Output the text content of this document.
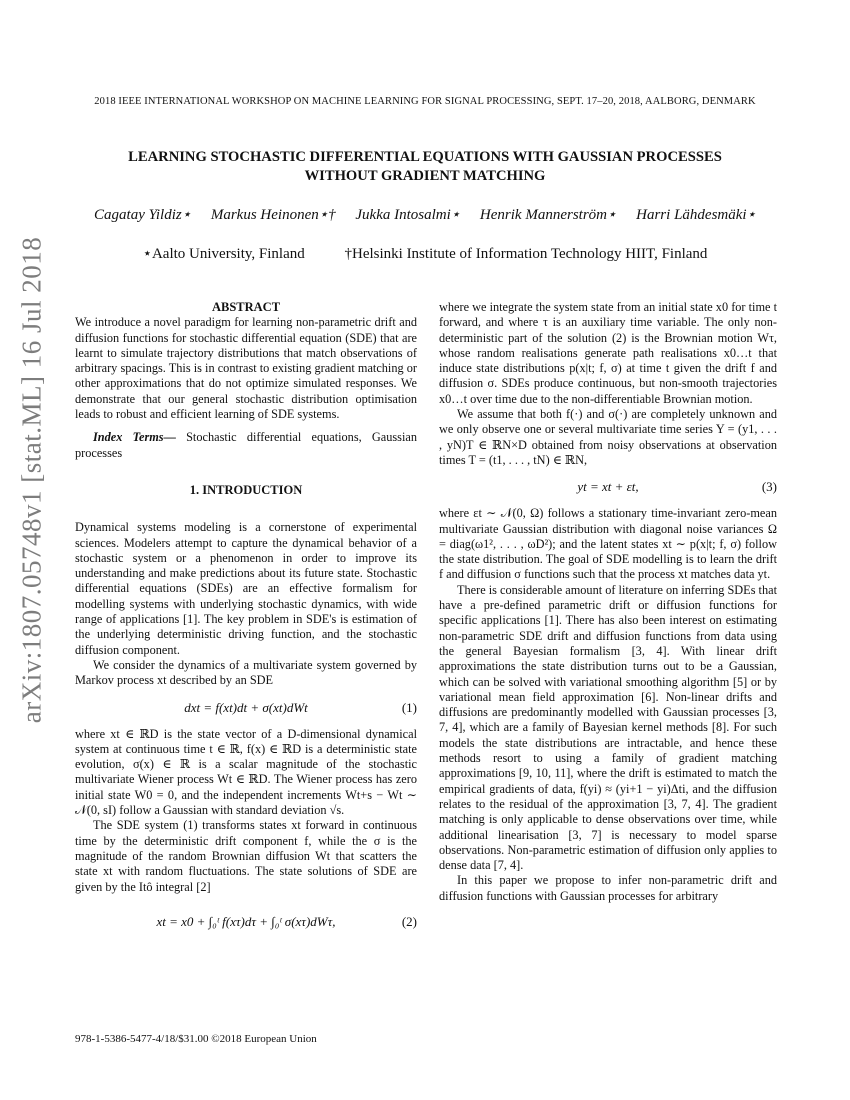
arXiv:1807.05748v1 [stat.ML] 16 Jul 2018
2018 IEEE INTERNATIONAL WORKSHOP ON MACHINE LEARNING FOR SIGNAL PROCESSING, SEPT. 17–20, 2018, AALBORG, DENMARK
LEARNING STOCHASTIC DIFFERENTIAL EQUATIONS WITH GAUSSIAN PROCESSES
WITHOUT GRADIENT MATCHING
Cagatay Yildiz⋆ Markus Heinonen⋆† Jukka Intosalmi⋆ Henrik Mannerström⋆ Harri Lähdesmäki⋆
⋆Aalto University, Finland	†Helsinki Institute of Information Technology HIIT, Finland

ABSTRACT

We introduce a novel paradigm for learning non-parametric drift and diffusion functions for stochastic differential equation (SDE) that are learnt to simulate trajectory distributions that match observations of arbitrary spacings. This is in contrast to existing gradient matching or other approximations that do not optimize simulated responses. We demonstrate that our general stochastic distribution optimisation leads to robust and efficient learning of SDE systems.

Index Terms— Stochastic differential equations, Gaussian processes

1. INTRODUCTION

Dynamical systems modeling is a cornerstone of experimental sciences. Modelers attempt to capture the dynamical behavior of a stochastic system or a phenomenon in order to improve its understanding and make predictions about its future state. Stochastic differential equations (SDEs) are an effective formalism for modelling systems with underlying stochastic dynamics, with wide range of applications [1]. The key problem in SDE's is estimation of the underlying deterministic driving function, and the stochastic diffusion component.

We consider the dynamics of a multivariate system governed by Markov process xt described by an SDE

dxt = f(xt)dt + σ(xt)dWt	(1)

where xt ∈ ℝD is the state vector of a D-dimensional dynamical system at continuous time t ∈ ℝ, f(x) ∈ ℝD is a deterministic state evolution, σ(x) ∈ ℝ is a scalar magnitude of the stochastic multivariate Wiener process Wt ∈ ℝD. The Wiener process has zero initial state W0 = 0, and the independent increments Wt+s − Wt ∼ 𝒩(0, sI) follow a Gaussian with standard deviation √s.

The SDE system (1) transforms states xt forward in continuous time by the deterministic drift component f, while the σ is the magnitude of the random Brownian diffusion Wt that scatters the state xt with random fluctuations. The state solutions of SDE are given by the Itô integral [2]

xt = x0 + ∫₀ᵗ f(xτ)dτ + ∫₀ᵗ σ(xτ)dWτ,	(2)

where we integrate the system state from an initial state x0 for time t forward, and where τ is an auxiliary time variable. The only non-deterministic part of the solution (2) is the Brownian motion Wτ, whose random realisations generate path realisations x0…t that induce state distributions p(x|t; f, σ) at time t given the drift f and diffusion σ. SDEs produce continuous, but non-smooth trajectories x0…t over time due to the non-differentiable Brownian motion.

We assume that both f(·) and σ(·) are completely unknown and we only observe one or several multivariate time series Y = (y1, . . . , yN)T ∈ ℝN×D obtained from noisy observations at observation times T = (t1, . . . , tN) ∈ ℝN,

yt = xt + εt,	(3)

where εt ∼ 𝒩(0, Ω) follows a stationary time-invariant zero-mean multivariate Gaussian distribution with diagonal noise variances Ω = diag(ω1², . . . , ωD²); and the latent states xt ∼ p(x|t; f, σ) follow the state distribution. The goal of SDE modelling is to learn the drift f and diffusion σ functions such that the process xt matches data yt.

There is considerable amount of literature on inferring SDEs that have a pre-defined parametric drift or diffusion functions for specific applications [1]. There has also been interest on estimating non-parametric SDE drift and diffusion functions from data using the general Bayesian formalism [3, 4]. With linear drift approximations the state distribution turns out to be a Gaussian, which can be solved with variational smoothing algorithm [5] or by variational mean field approximation [6]. Non-linear drifts and diffusions are predominantly modelled with Gaussian processes [3, 7, 4], which are a family of Bayesian kernel methods [8]. For such models the state distributions are intractable, and hence these methods resort to using a family of gradient matching approximations [9, 10, 11], where the drift is estimated to match the empirical gradients of data, f(yi) ≈ (yi+1 − yi)Δti, and the diffusion relates to the residual of the approximation [3, 7, 4]. The gradient matching is only applicable to dense observations over time, while additional linearisation [3, 7] is necessary to model sparse observations. Non-parametric estimation of diffusion only applies to dense data [7, 4].

In this paper we propose to infer non-parametric drift and diffusion functions with Gaussian processes for arbitrary

978-1-5386-5477-4/18/$31.00 ©2018 European Union
